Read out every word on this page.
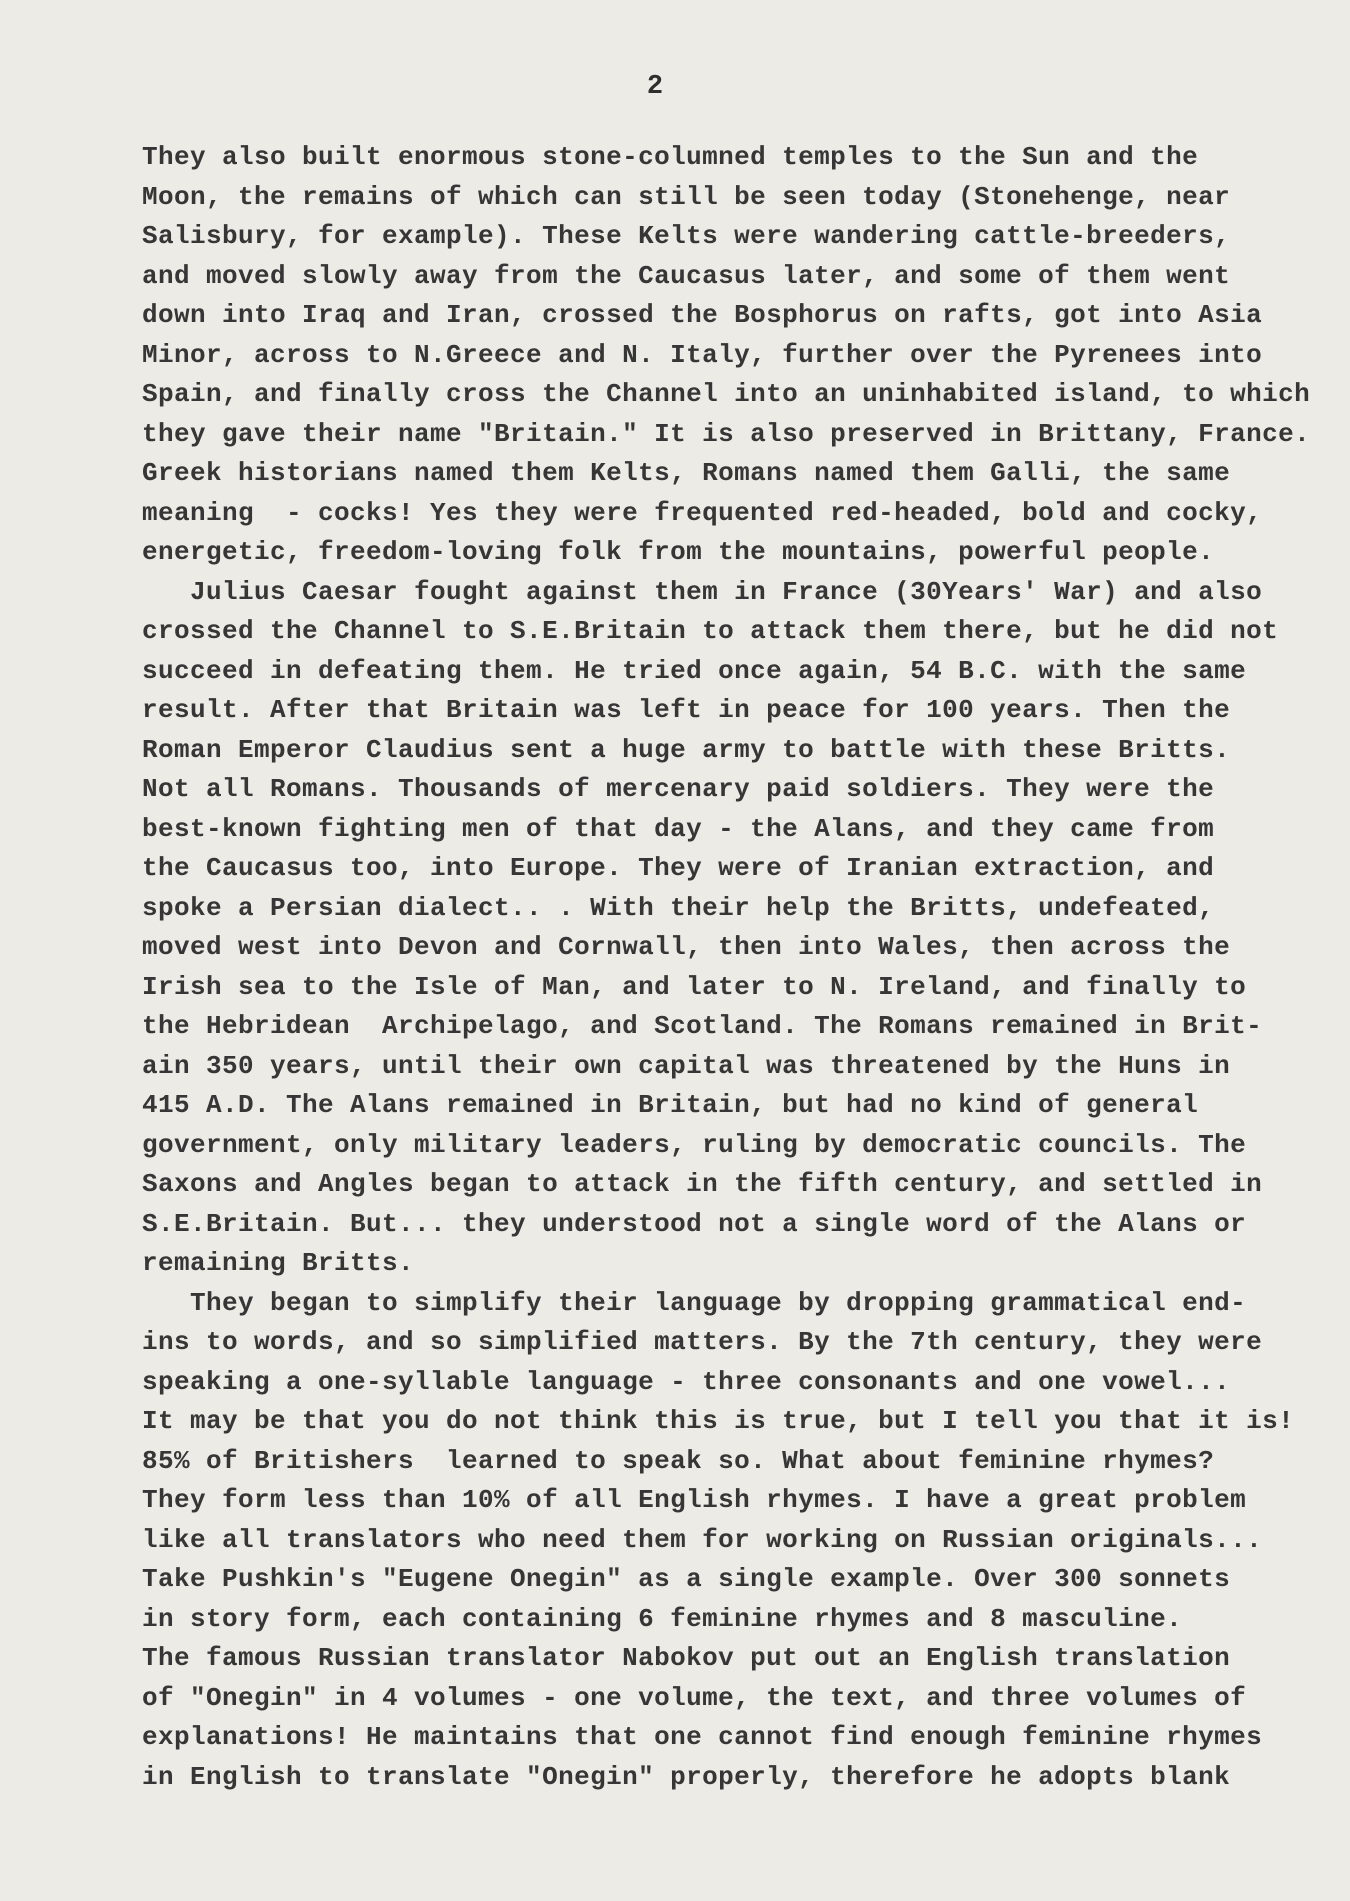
2
They also built enormous stone-columned temples to the Sun and the
Moon, the remains of which can still be seen today (Stonehenge, near
Salisbury, for example). These Kelts were wandering cattle-breeders,
and moved slowly away from the Caucasus later, and some of them went
down into Iraq and Iran, crossed the Bosphorus on rafts, got into Asia
Minor, across to N.Greece and N. Italy, further over the Pyrenees into
Spain, and finally cross the Channel into an uninhabited island, to which
they gave their name "Britain." It is also preserved in Brittany, France.
Greek historians named them Kelts, Romans named them Galli, the same
meaning  - cocks! Yes they were frequented red-headed, bold and cocky,
energetic, freedom-loving folk from the mountains, powerful people.
Julius Caesar fought against them in France (30Years' War) and also
crossed the Channel to S.E.Britain to attack them there, but he did not
succeed in defeating them. He tried once again, 54 B.C. with the same
result. After that Britain was left in peace for 100 years. Then the
Roman Emperor Claudius sent a huge army to battle with these Britts.
Not all Romans. Thousands of mercenary paid soldiers. They were the
best-known fighting men of that day - the Alans, and they came from
the Caucasus too, into Europe. They were of Iranian extraction, and
spoke a Persian dialect.. . With their help the Britts, undefeated,
moved west into Devon and Cornwall, then into Wales, then across the
Irish sea to the Isle of Man, and later to N. Ireland, and finally to
the Hebridean  Archipelago, and Scotland. The Romans remained in Brit-
ain 350 years, until their own capital was threatened by the Huns in
415 A.D. The Alans remained in Britain, but had no kind of general
government, only military leaders, ruling by democratic councils. The
Saxons and Angles began to attack in the fifth century, and settled in
S.E.Britain. But... they understood not a single word of the Alans or
remaining Britts.
They began to simplify their language by dropping grammatical end-
ins to words, and so simplified matters. By the 7th century, they were
speaking a one-syllable language - three consonants and one vowel...
It may be that you do not think this is true, but I tell you that it is!
85% of Britishers  learned to speak so. What about feminine rhymes?
They form less than 10% of all English rhymes. I have a great problem
like all translators who need them for working on Russian originals...
Take Pushkin's "Eugene Onegin" as a single example. Over 300 sonnets
in story form, each containing 6 feminine rhymes and 8 masculine.
The famous Russian translator Nabokov put out an English translation
of "Onegin" in 4 volumes - one volume, the text, and three volumes of
explanations! He maintains that one cannot find enough feminine rhymes
in English to translate "Onegin" properly, therefore he adopts blank
